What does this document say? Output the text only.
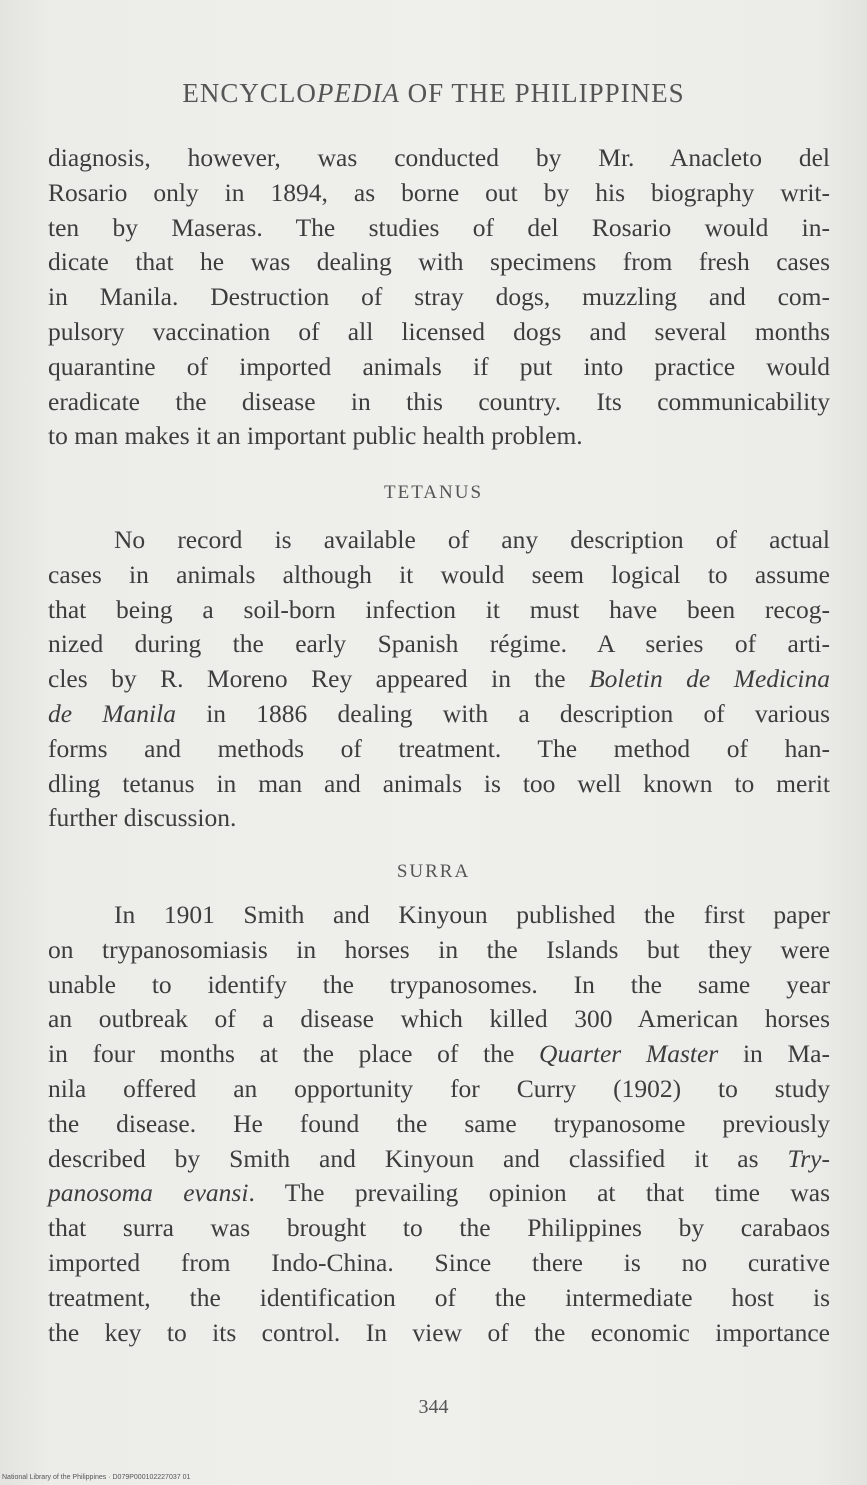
ENCYCLOPEDIA OF THE PHILIPPINES
diagnosis, however, was conducted by Mr. Anacleto del
Rosario only in 1894, as borne out by his biography writ-
ten by Maseras. The studies of del Rosario would in-
dicate that he was dealing with specimens from fresh cases
in Manila. Destruction of stray dogs, muzzling and com-
pulsory vaccination of all licensed dogs and several months
quarantine of imported animals if put into practice would
eradicate the disease in this country. Its communicability
to man makes it an important public health problem.
TETANUS
No record is available of any description of actual
cases in animals although it would seem logical to assume
that being a soil-born infection it must have been recog-
nized during the early Spanish régime. A series of arti-
cles by R. Moreno Rey appeared in the Boletin de Medicina
de Manila in 1886 dealing with a description of various
forms and methods of treatment. The method of han-
dling tetanus in man and animals is too well known to merit
further discussion.
SURRA
In 1901 Smith and Kinyoun published the first paper
on trypanosomiasis in horses in the Islands but they were
unable to identify the trypanosomes. In the same year
an outbreak of a disease which killed 300 American horses
in four months at the place of the Quarter Master in Ma-
nila offered an opportunity for Curry (1902) to study
the disease. He found the same trypanosome previously
described by Smith and Kinyoun and classified it as Try-
panosoma evansi. The prevailing opinion at that time was
that surra was brought to the Philippines by carabaos
imported from Indo-China. Since there is no curative
treatment, the identification of the intermediate host is
the key to its control. In view of the economic importance
344
National Library of the Philippines · D079P000102227037 01
